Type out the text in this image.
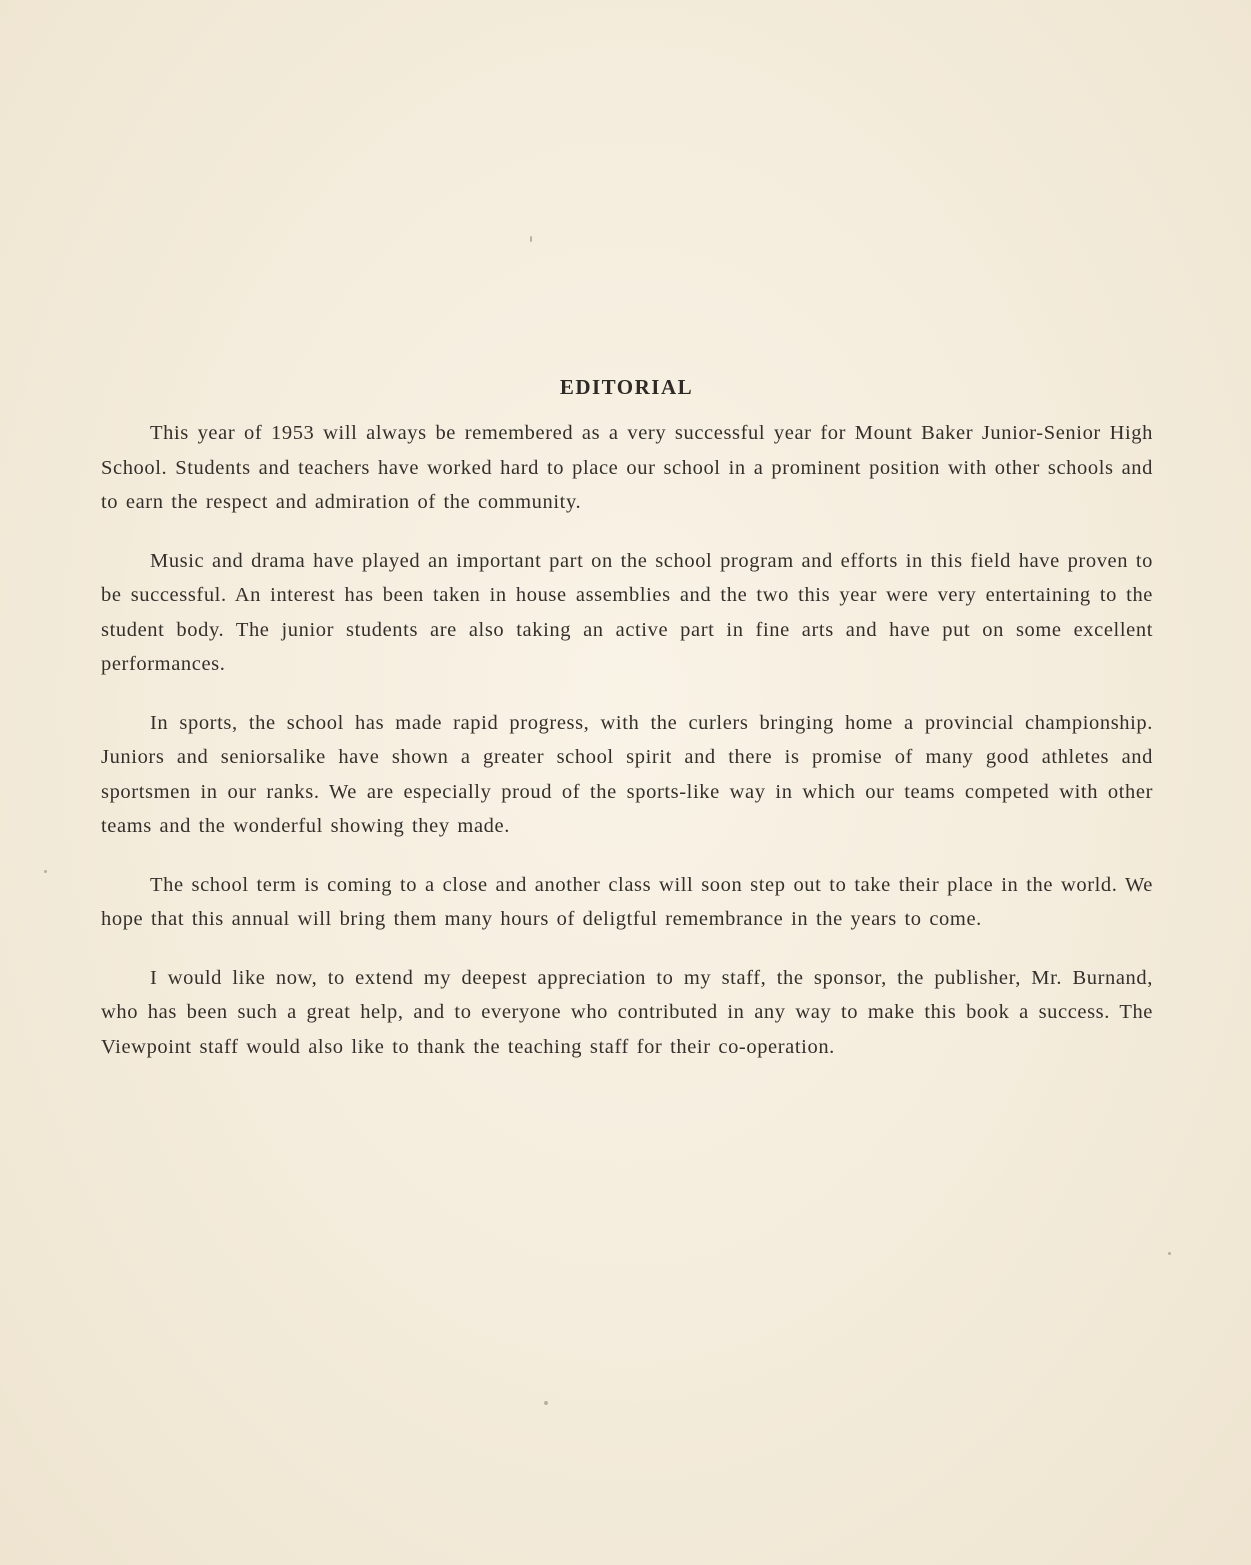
EDITORIAL

This year of 1953 will always be remembered as a very successful year for Mount Baker Junior-Senior High School. Students and teachers have worked hard to place our school in a prominent position with other schools and to earn the respect and admiration of the community.

Music and drama have played an important part on the school program and efforts in this field have proven to be successful. An interest has been taken in house assemblies and the two this year were very entertaining to the student body. The junior students are also taking an active part in fine arts and have put on some excellent performances.

In sports, the school has made rapid progress, with the curlers bringing home a provincial championship. Juniors and seniorsalike have shown a greater school spirit and there is promise of many good athletes and sportsmen in our ranks. We are especially proud of the sports-like way in which our teams competed with other teams and the wonderful showing they made.

The school term is coming to a close and another class will soon step out to take their place in the world. We hope that this annual will bring them many hours of deligtful remembrance in the years to come.

I would like now, to extend my deepest appreciation to my staff, the sponsor, the publisher, Mr. Burnand, who has been such a great help, and to everyone who contributed in any way to make this book a success. The Viewpoint staff would also like to thank the teaching staff for their co-operation.
